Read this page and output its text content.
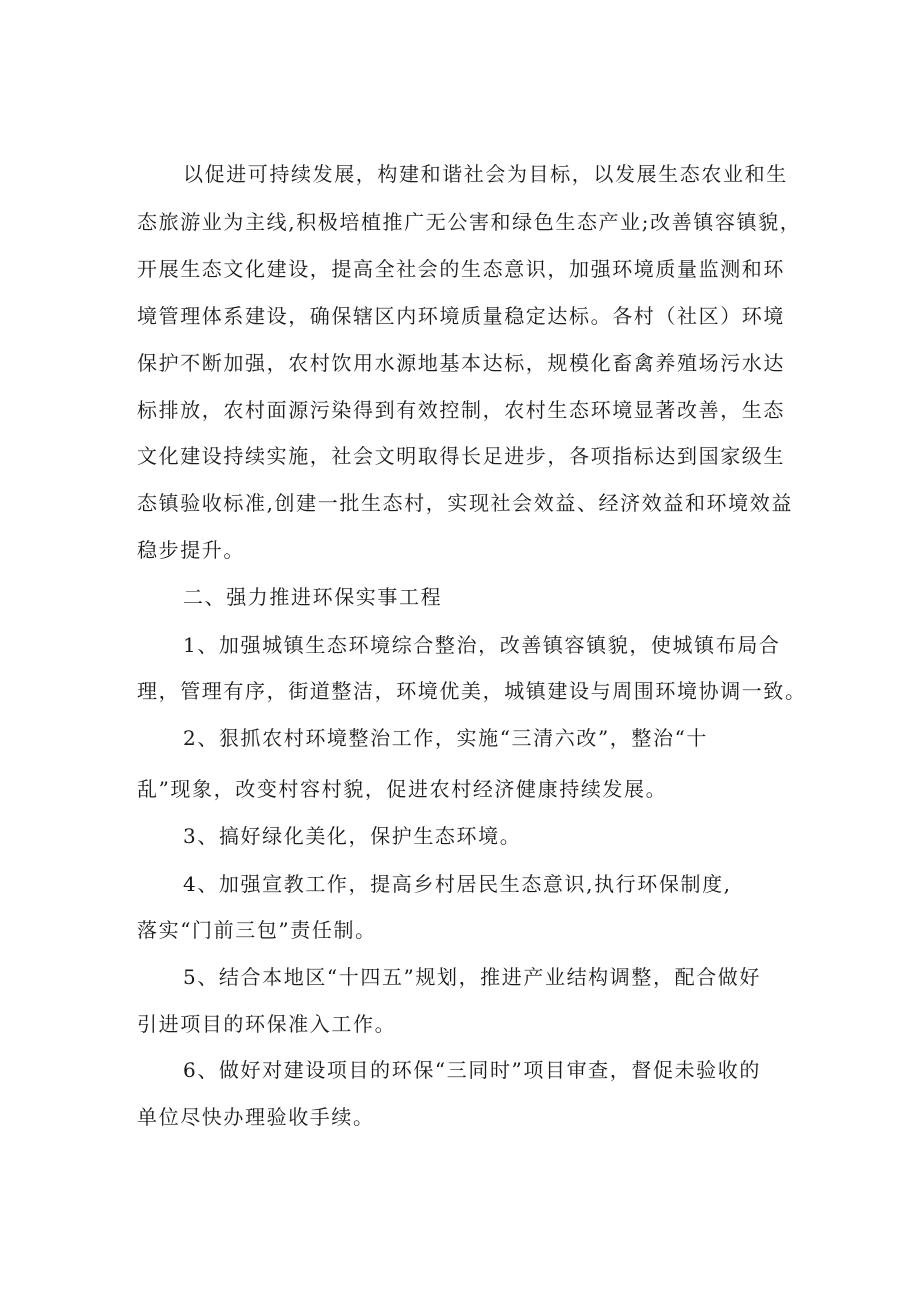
以促进可持续发展，构建和谐社会为目标，以发展生态农业和生

态旅游业为主线,积极培植推广无公害和绿色生态产业;改善镇容镇貌，

开展生态文化建设，提高全社会的生态意识，加强环境质量监测和环

境管理体系建设，确保辖区内环境质量稳定达标。各村（社区）环境

保护不断加强，农村饮用水源地基本达标，规模化畜禽养殖场污水达

标排放，农村面源污染得到有效控制，农村生态环境显著改善，生态

文化建设持续实施，社会文明取得长足进步，各项指标达到国家级生

态镇验收标准,创建一批生态村，实现社会效益、经济效益和环境效益

稳步提升。

二、强力推进环保实事工程

1、加强城镇生态环境综合整治，改善镇容镇貌，使城镇布局合

理，管理有序，街道整洁，环境优美，城镇建设与周围环境协调一致。

2、狠抓农村环境整治工作，实施“三清六改”，整治“十

乱”现象，改变村容村貌，促进农村经济健康持续发展。

3、搞好绿化美化，保护生态环境。

4、加强宣教工作，提高乡村居民生态意识,执行环保制度,

落实“门前三包”责任制。

5、结合本地区“十四五”规划，推进产业结构调整，配合做好

引进项目的环保准入工作。

6、做好对建设项目的环保“三同时”项目审查，督促未验收的

单位尽快办理验收手续。
